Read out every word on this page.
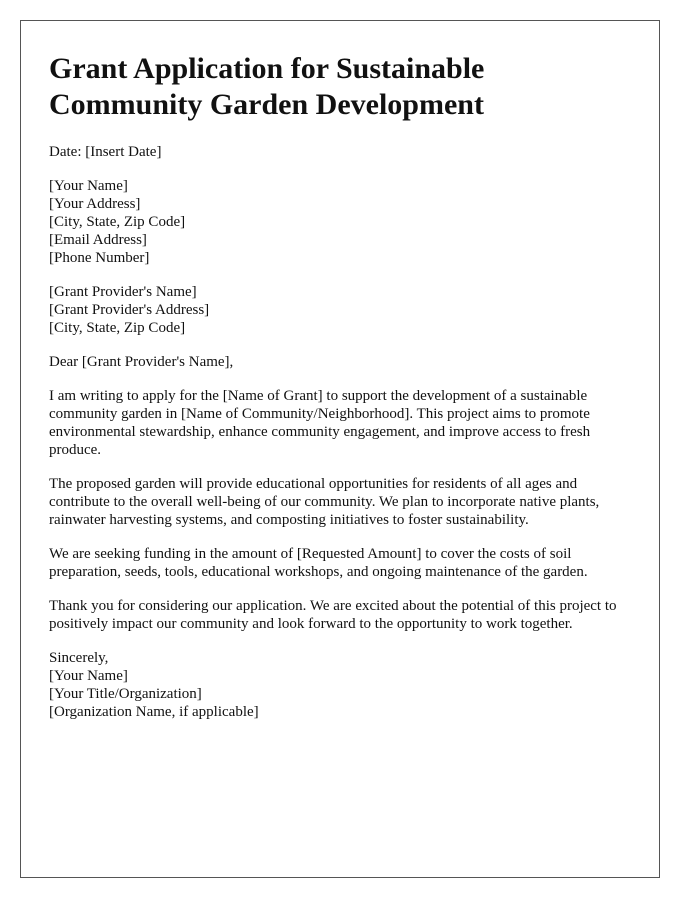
Grant Application for Sustainable
Community Garden Development
Date: [Insert Date]
[Your Name]
[Your Address]
[City, State, Zip Code]
[Email Address]
[Phone Number]
[Grant Provider's Name]
[Grant Provider's Address]
[City, State, Zip Code]

Dear [Grant Provider's Name],

I am writing to apply for the [Name of Grant] to support the development of a sustainable community garden in [Name of Community/Neighborhood]. This project aims to promote environmental stewardship, enhance community engagement, and improve access to fresh produce.

The proposed garden will provide educational opportunities for residents of all ages and contribute to the overall well-being of our community. We plan to incorporate native plants, rainwater harvesting systems, and composting initiatives to foster sustainability.

We are seeking funding in the amount of [Requested Amount] to cover the costs of soil preparation, seeds, tools, educational workshops, and ongoing maintenance of the garden.

Thank you for considering our application. We are excited about the potential of this project to positively impact our community and look forward to the opportunity to work together.

Sincerely,
[Your Name]
[Your Title/Organization]
[Organization Name, if applicable]
